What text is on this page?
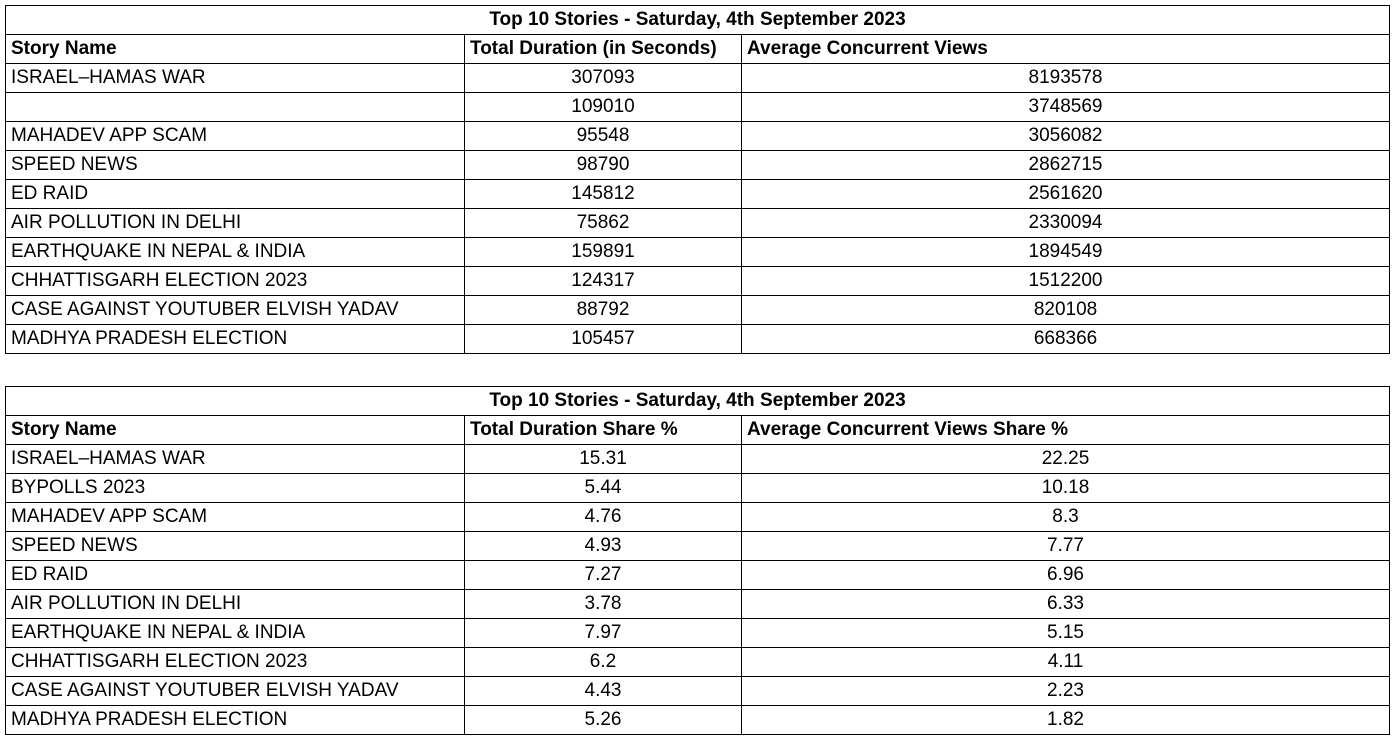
Top 10 Stories - Saturday, 4th September 2023		
Story Name	Total Duration (in Seconds)	Average Concurrent Views
ISRAEL–HAMAS WAR	307093	8193578
	109010	3748569
MAHADEV APP SCAM	95548	3056082
SPEED NEWS	98790	2862715
ED RAID	145812	2561620
AIR POLLUTION IN DELHI	75862	2330094
EARTHQUAKE IN NEPAL & INDIA	159891	1894549
CHHATTISGARH ELECTION 2023	124317	1512200
CASE AGAINST YOUTUBER ELVISH YADAV	88792	820108
MADHYA PRADESH ELECTION	105457	668366
Top 10 Stories - Saturday, 4th September 2023		
Story Name	Total Duration Share %	Average Concurrent Views Share %
ISRAEL–HAMAS WAR	15.31	22.25
BYPOLLS 2023	5.44	10.18
MAHADEV APP SCAM	4.76	8.3
SPEED NEWS	4.93	7.77
ED RAID	7.27	6.96
AIR POLLUTION IN DELHI	3.78	6.33
EARTHQUAKE IN NEPAL & INDIA	7.97	5.15
CHHATTISGARH ELECTION 2023	6.2	4.11
CASE AGAINST YOUTUBER ELVISH YADAV	4.43	2.23
MADHYA PRADESH ELECTION	5.26	1.82
